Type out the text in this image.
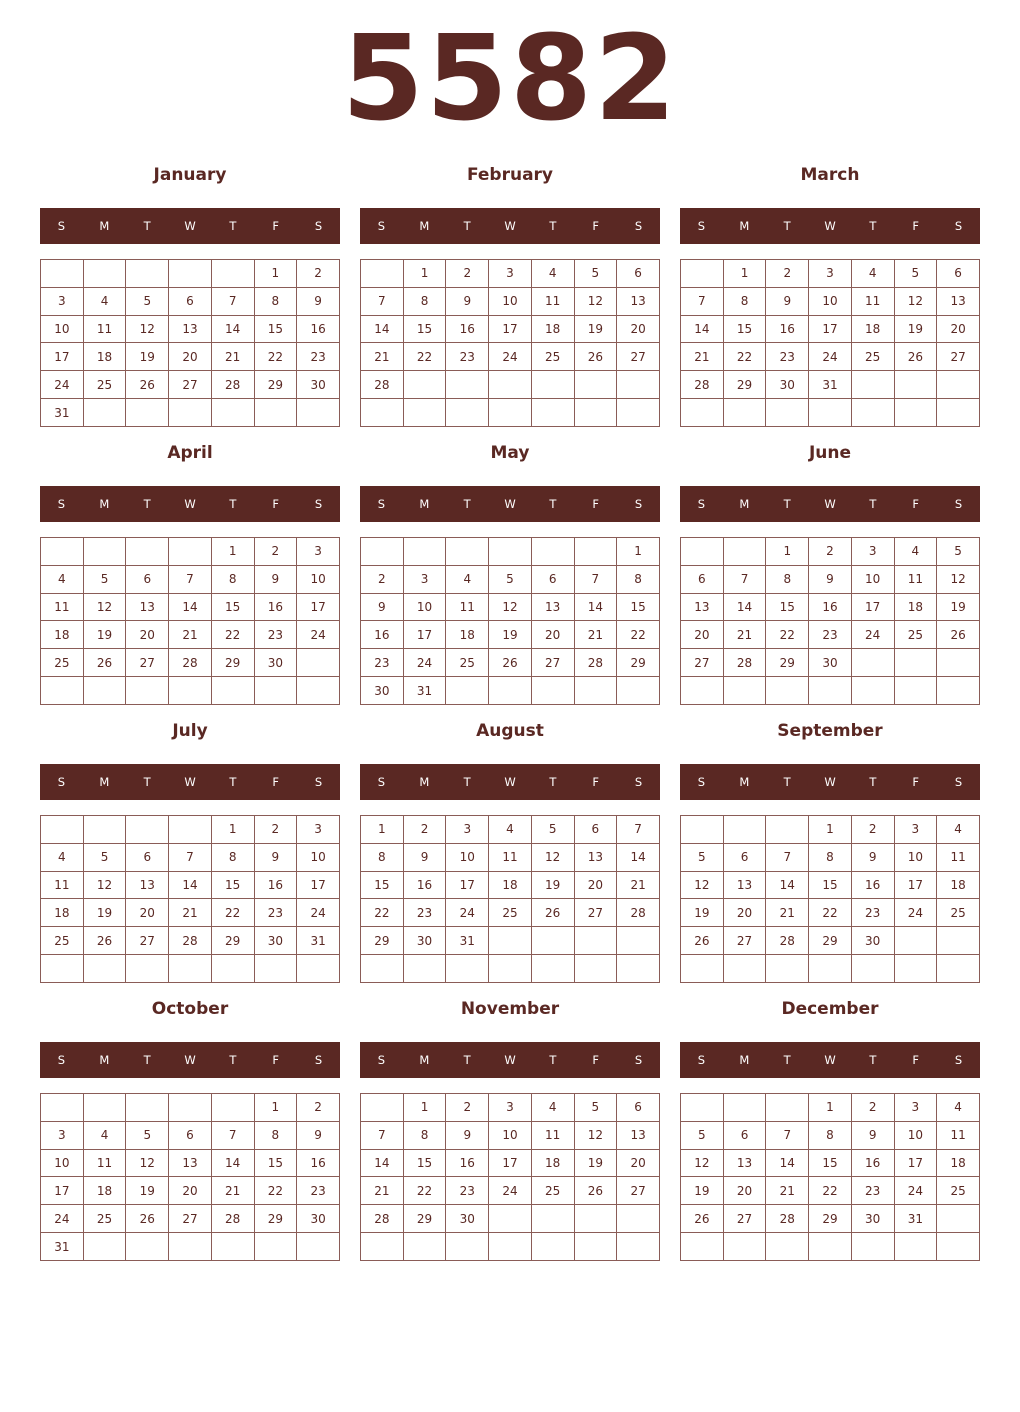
5582
January
S	M	T	W	T	F	S
					1	2
3	4	5	6	7	8	9
10	11	12	13	14	15	16
17	18	19	20	21	22	23
24	25	26	27	28	29	30
31						
February
S	M	T	W	T	F	S
	1	2	3	4	5	6
7	8	9	10	11	12	13
14	15	16	17	18	19	20
21	22	23	24	25	26	27
28						

March
S	M	T	W	T	F	S
	1	2	3	4	5	6
7	8	9	10	11	12	13
14	15	16	17	18	19	20
21	22	23	24	25	26	27
28	29	30	31			

April
S	M	T	W	T	F	S
				1	2	3
4	5	6	7	8	9	10
11	12	13	14	15	16	17
18	19	20	21	22	23	24
25	26	27	28	29	30	

May
S	M	T	W	T	F	S
						1
2	3	4	5	6	7	8
9	10	11	12	13	14	15
16	17	18	19	20	21	22
23	24	25	26	27	28	29
30	31					
June
S	M	T	W	T	F	S
		1	2	3	4	5
6	7	8	9	10	11	12
13	14	15	16	17	18	19
20	21	22	23	24	25	26
27	28	29	30			

July
S	M	T	W	T	F	S
				1	2	3
4	5	6	7	8	9	10
11	12	13	14	15	16	17
18	19	20	21	22	23	24
25	26	27	28	29	30	31

August
S	M	T	W	T	F	S
1	2	3	4	5	6	7
8	9	10	11	12	13	14
15	16	17	18	19	20	21
22	23	24	25	26	27	28
29	30	31				

September
S	M	T	W	T	F	S
			1	2	3	4
5	6	7	8	9	10	11
12	13	14	15	16	17	18
19	20	21	22	23	24	25
26	27	28	29	30		

October
S	M	T	W	T	F	S
					1	2
3	4	5	6	7	8	9
10	11	12	13	14	15	16
17	18	19	20	21	22	23
24	25	26	27	28	29	30
31						
November
S	M	T	W	T	F	S
	1	2	3	4	5	6
7	8	9	10	11	12	13
14	15	16	17	18	19	20
21	22	23	24	25	26	27
28	29	30				

December
S	M	T	W	T	F	S
			1	2	3	4
5	6	7	8	9	10	11
12	13	14	15	16	17	18
19	20	21	22	23	24	25
26	27	28	29	30	31	
